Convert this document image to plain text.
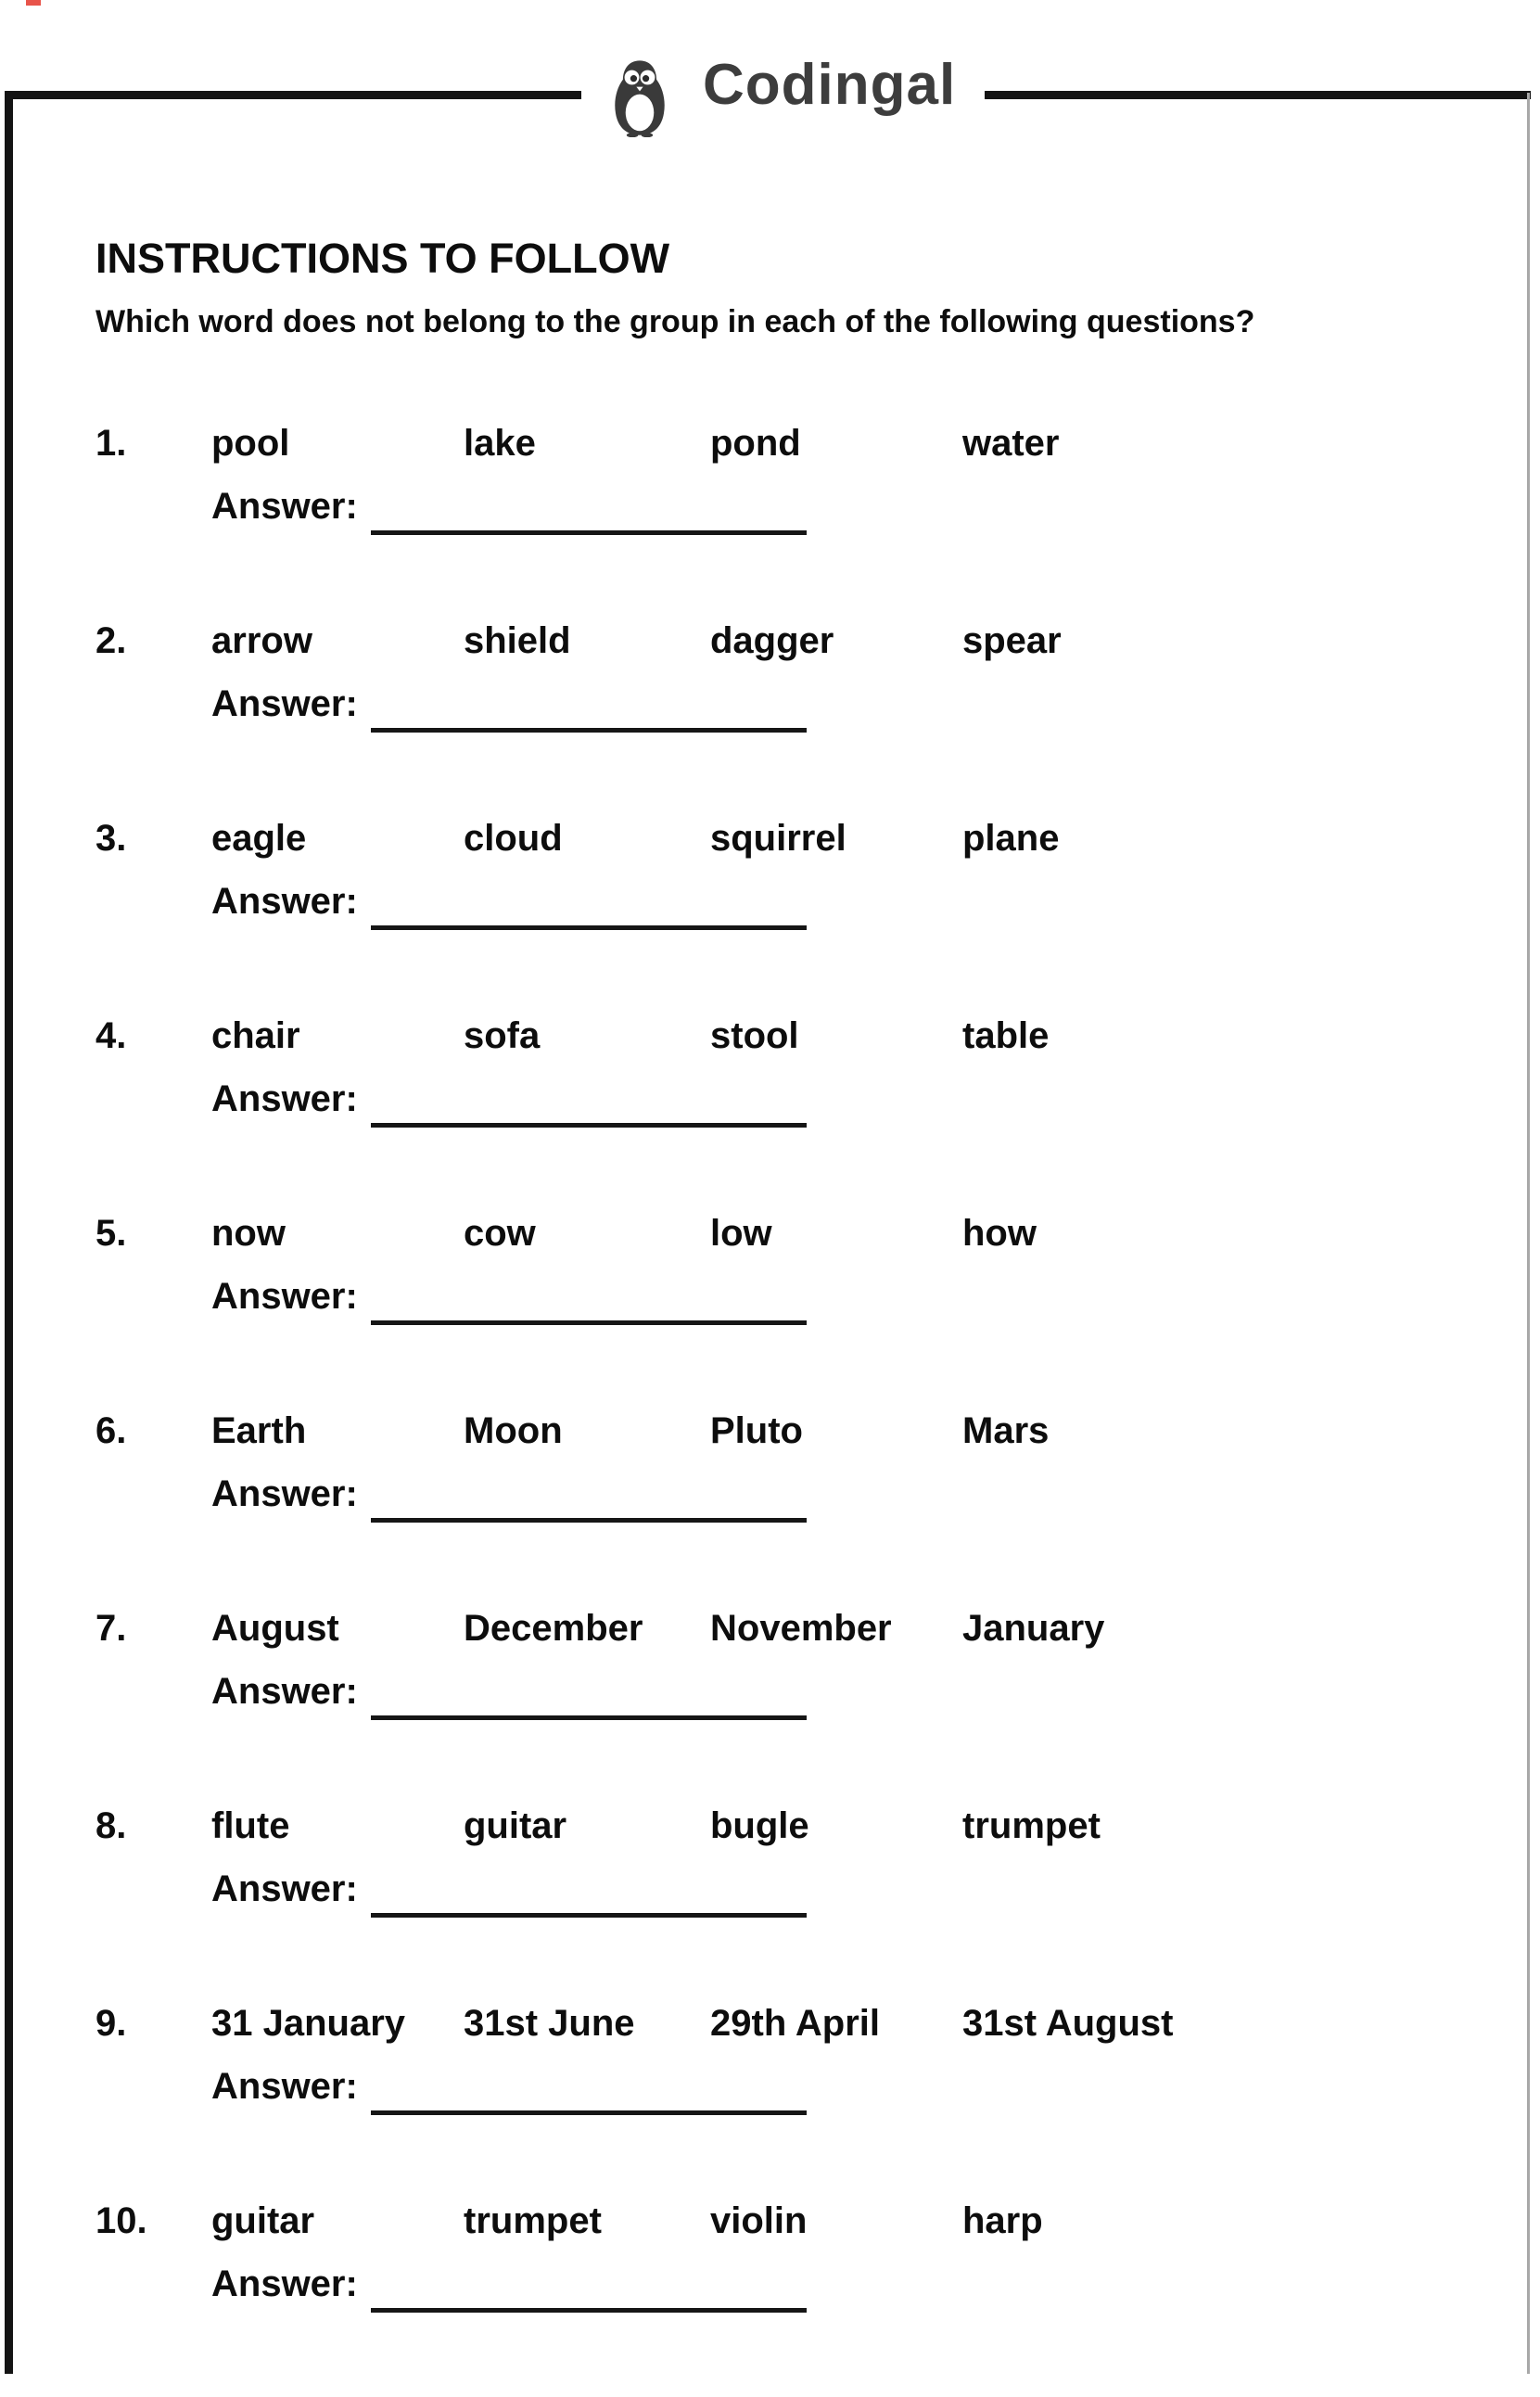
Codingal
INSTRUCTIONS TO FOLLOW
Which word does not belong to the group in each of the following questions?
1.	pool	lake	pond	water
Answer:
2.	arrow	shield	dagger	spear
Answer:
3.	eagle	cloud	squirrel	plane
Answer:
4.	chair	sofa	stool	table
Answer:
5.	now	cow	low	how
Answer:
6.	Earth	Moon	Pluto	Mars
Answer:
7.	August	December	November	January
Answer:
8.	flute	guitar	bugle	trumpet
Answer:
9.	31 January	31st June	29th April	31st August
Answer:
10.	guitar	trumpet	violin	harp
Answer:
